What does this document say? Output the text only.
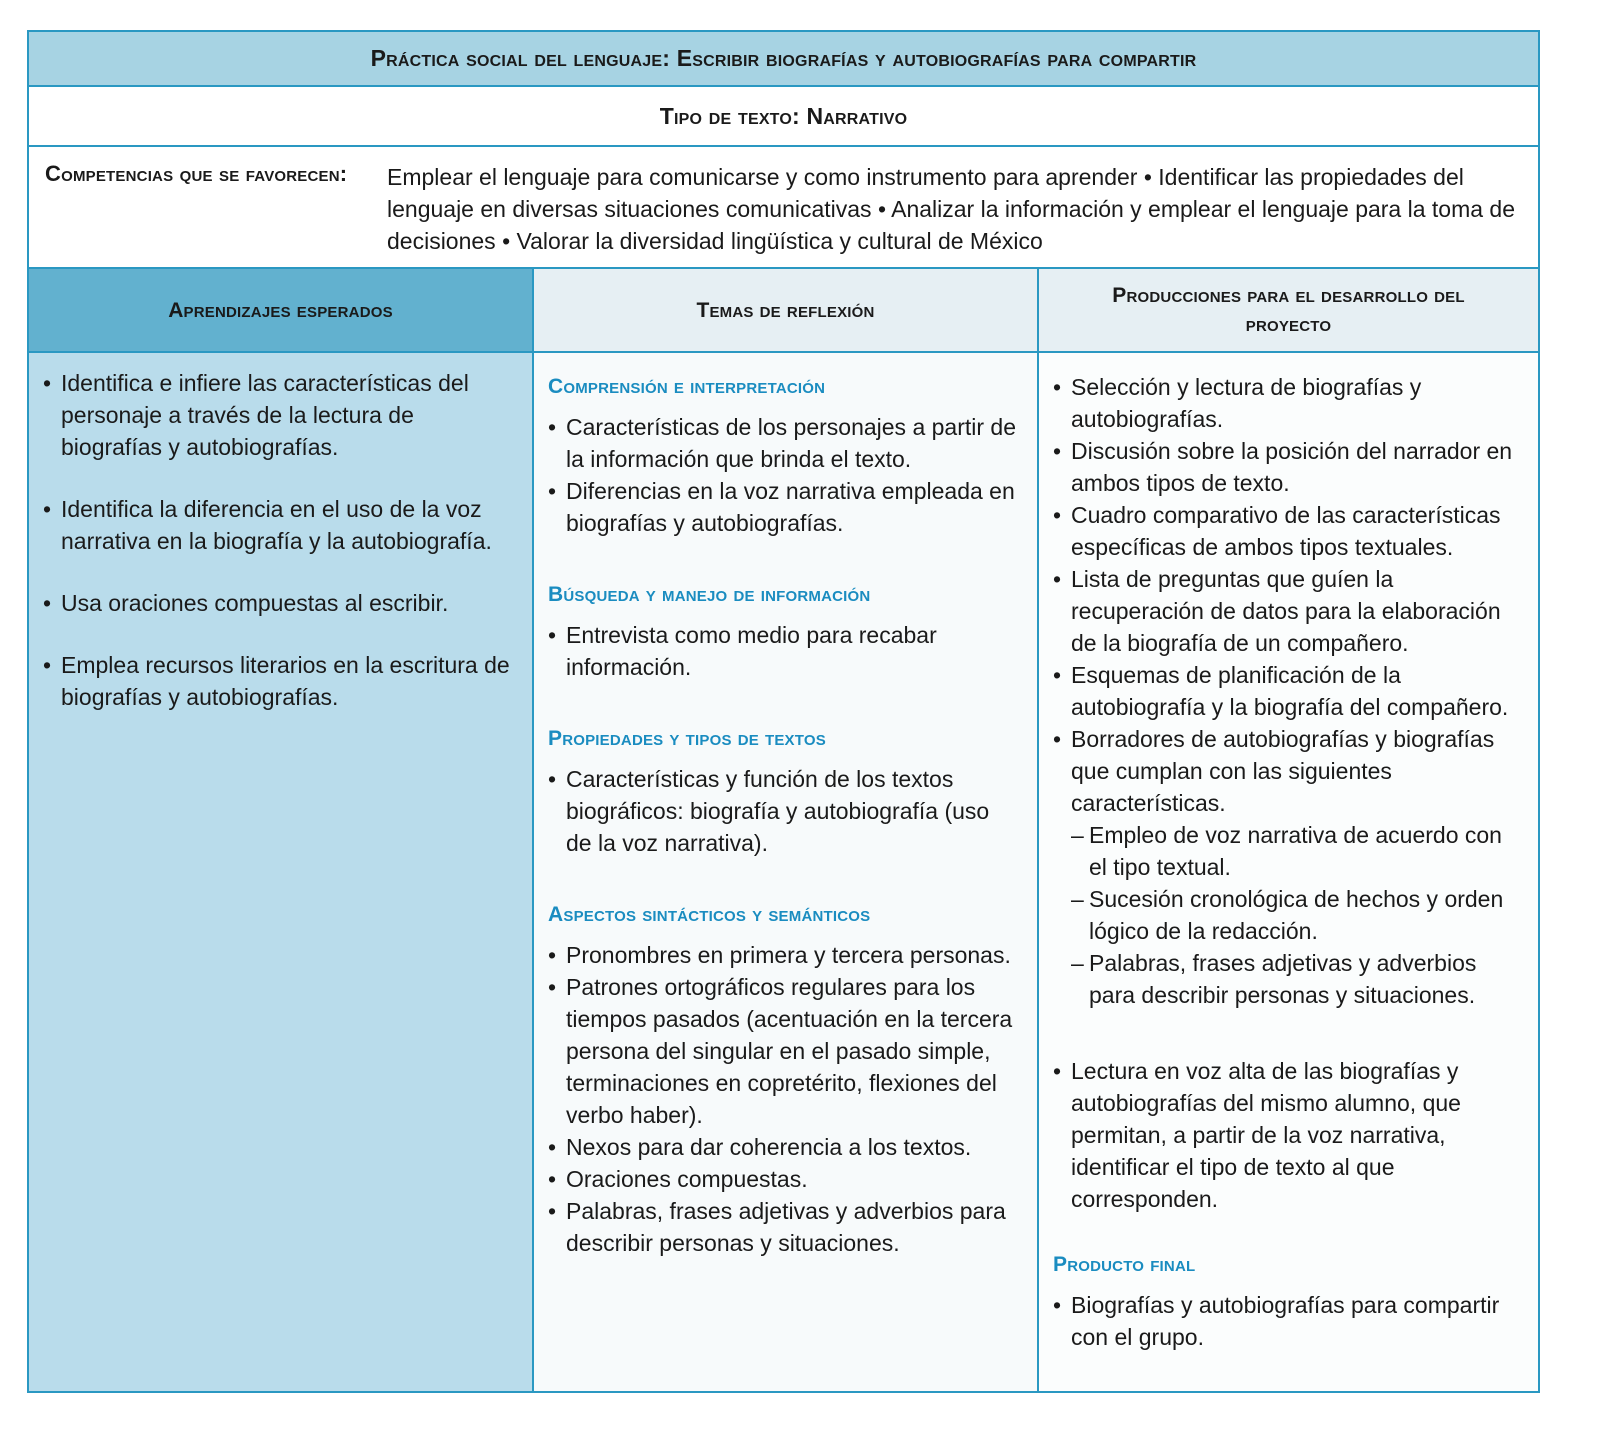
Práctica social del lenguaje: Escribir biografías y autobiografías para compartir
Tipo de texto: Narrativo
Competencias que se favorecen: Emplear el lenguaje para comunicarse y como instrumento para aprender • Identificar las propiedades del lenguaje en diversas situaciones comunicativas • Analizar la información y emplear el lenguaje para la toma de decisiones • Valorar la diversidad lingüística y cultural de México
Aprendizajes esperados
• Identifica e infiere las características del personaje a través de la lectura de biografías y autobiografías.
• Identifica la diferencia en el uso de la voz narrativa en la biografía y la autobiografía.
• Usa oraciones compuestas al escribir.
• Emplea recursos literarios en la escritura de biografías y autobiografías.
Temas de reflexión
Comprensión e interpretación
• Características de los personajes a partir de la información que brinda el texto.
• Diferencias en la voz narrativa empleada en biografías y autobiografías.
Búsqueda y manejo de información
• Entrevista como medio para recabar información.
Propiedades y tipos de textos
• Características y función de los textos biográficos: biografía y autobiografía (uso de la voz narrativa).
Aspectos sintácticos y semánticos
• Pronombres en primera y tercera personas.
• Patrones ortográficos regulares para los tiempos pasados (acentuación en la tercera persona del singular en el pasado simple, terminaciones en copretérito, flexiones del verbo haber).
• Nexos para dar coherencia a los textos.
• Oraciones compuestas.
• Palabras, frases adjetivas y adverbios para describir personas y situaciones.
Producciones para el desarrollo del proyecto
• Selección y lectura de biografías y autobiografías.
• Discusión sobre la posición del narrador en ambos tipos de texto.
• Cuadro comparativo de las características específicas de ambos tipos textuales.
• Lista de preguntas que guíen la recuperación de datos para la elaboración de la biografía de un compañero.
• Esquemas de planificación de la autobiografía y la biografía del compañero.
• Borradores de autobiografías y biografías que cumplan con las siguientes características.
– Empleo de voz narrativa de acuerdo con el tipo textual.
– Sucesión cronológica de hechos y orden lógico de la redacción.
– Palabras, frases adjetivas y adverbios para describir personas y situaciones.
• Lectura en voz alta de las biografías y autobiografías del mismo alumno, que permitan, a partir de la voz narrativa, identificar el tipo de texto al que corresponden.
Producto final
• Biografías y autobiografías para compartir con el grupo.
